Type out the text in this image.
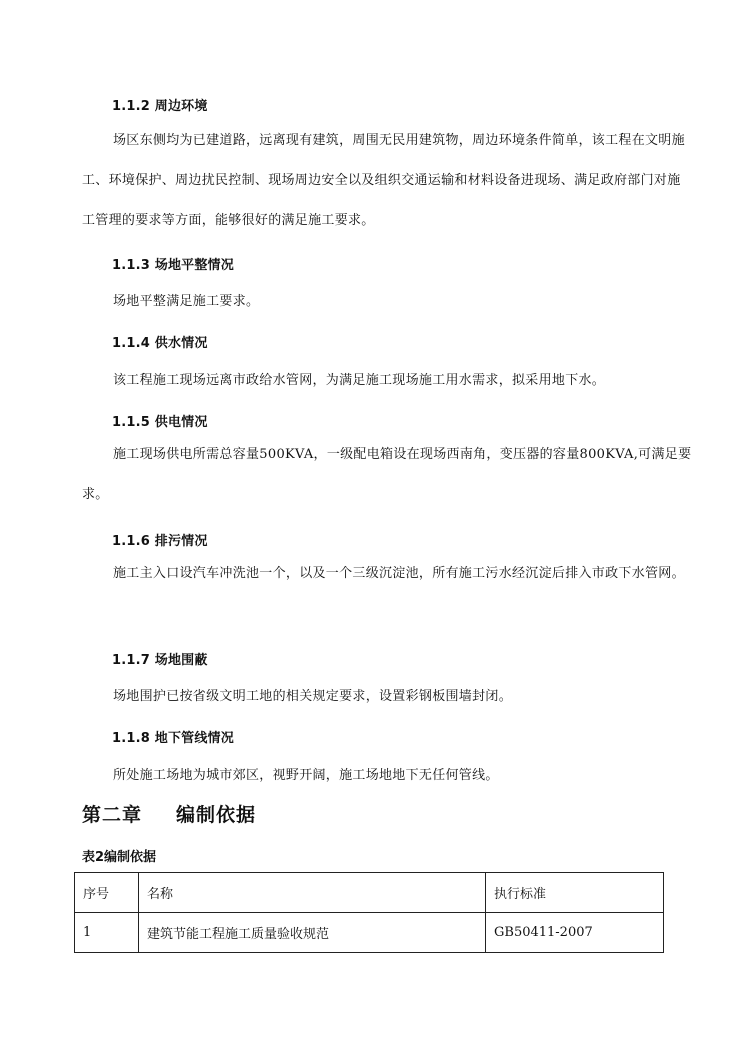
1.1.2 周边环境
场区东侧均为已建道路，远离现有建筑，周围无民用建筑物，周边环境条件简单，该工程在文明施工、环境保护、周边扰民控制、现场周边安全以及组织交通运输和材料设备进现场、满足政府部门对施工管理的要求等方面，能够很好的满足施工要求。
1.1.3 场地平整情况
场地平整满足施工要求。
1.1.4 供水情况
该工程施工现场远离市政给水管网，为满足施工现场施工用水需求，拟采用地下水。
1.1.5 供电情况
施工现场供电所需总容量500KVA，一级配电箱设在现场西南角，变压器的容量800KVA,可满足要求。
1.1.6 排污情况
施工主入口设汽车冲洗池一个，以及一个三级沉淀池，所有施工污水经沉淀后排入市政下水管网。
1.1.7 场地围蔽
场地围护已按省级文明工地的相关规定要求，设置彩钢板围墙封闭。
1.1.8 地下管线情况
所处施工场地为城市郊区，视野开阔，施工场地地下无任何管线。
第二章 编制依据
表2编制依据
序号	名称	执行标准
1	建筑节能工程施工质量验收规范	GB50411-2007
